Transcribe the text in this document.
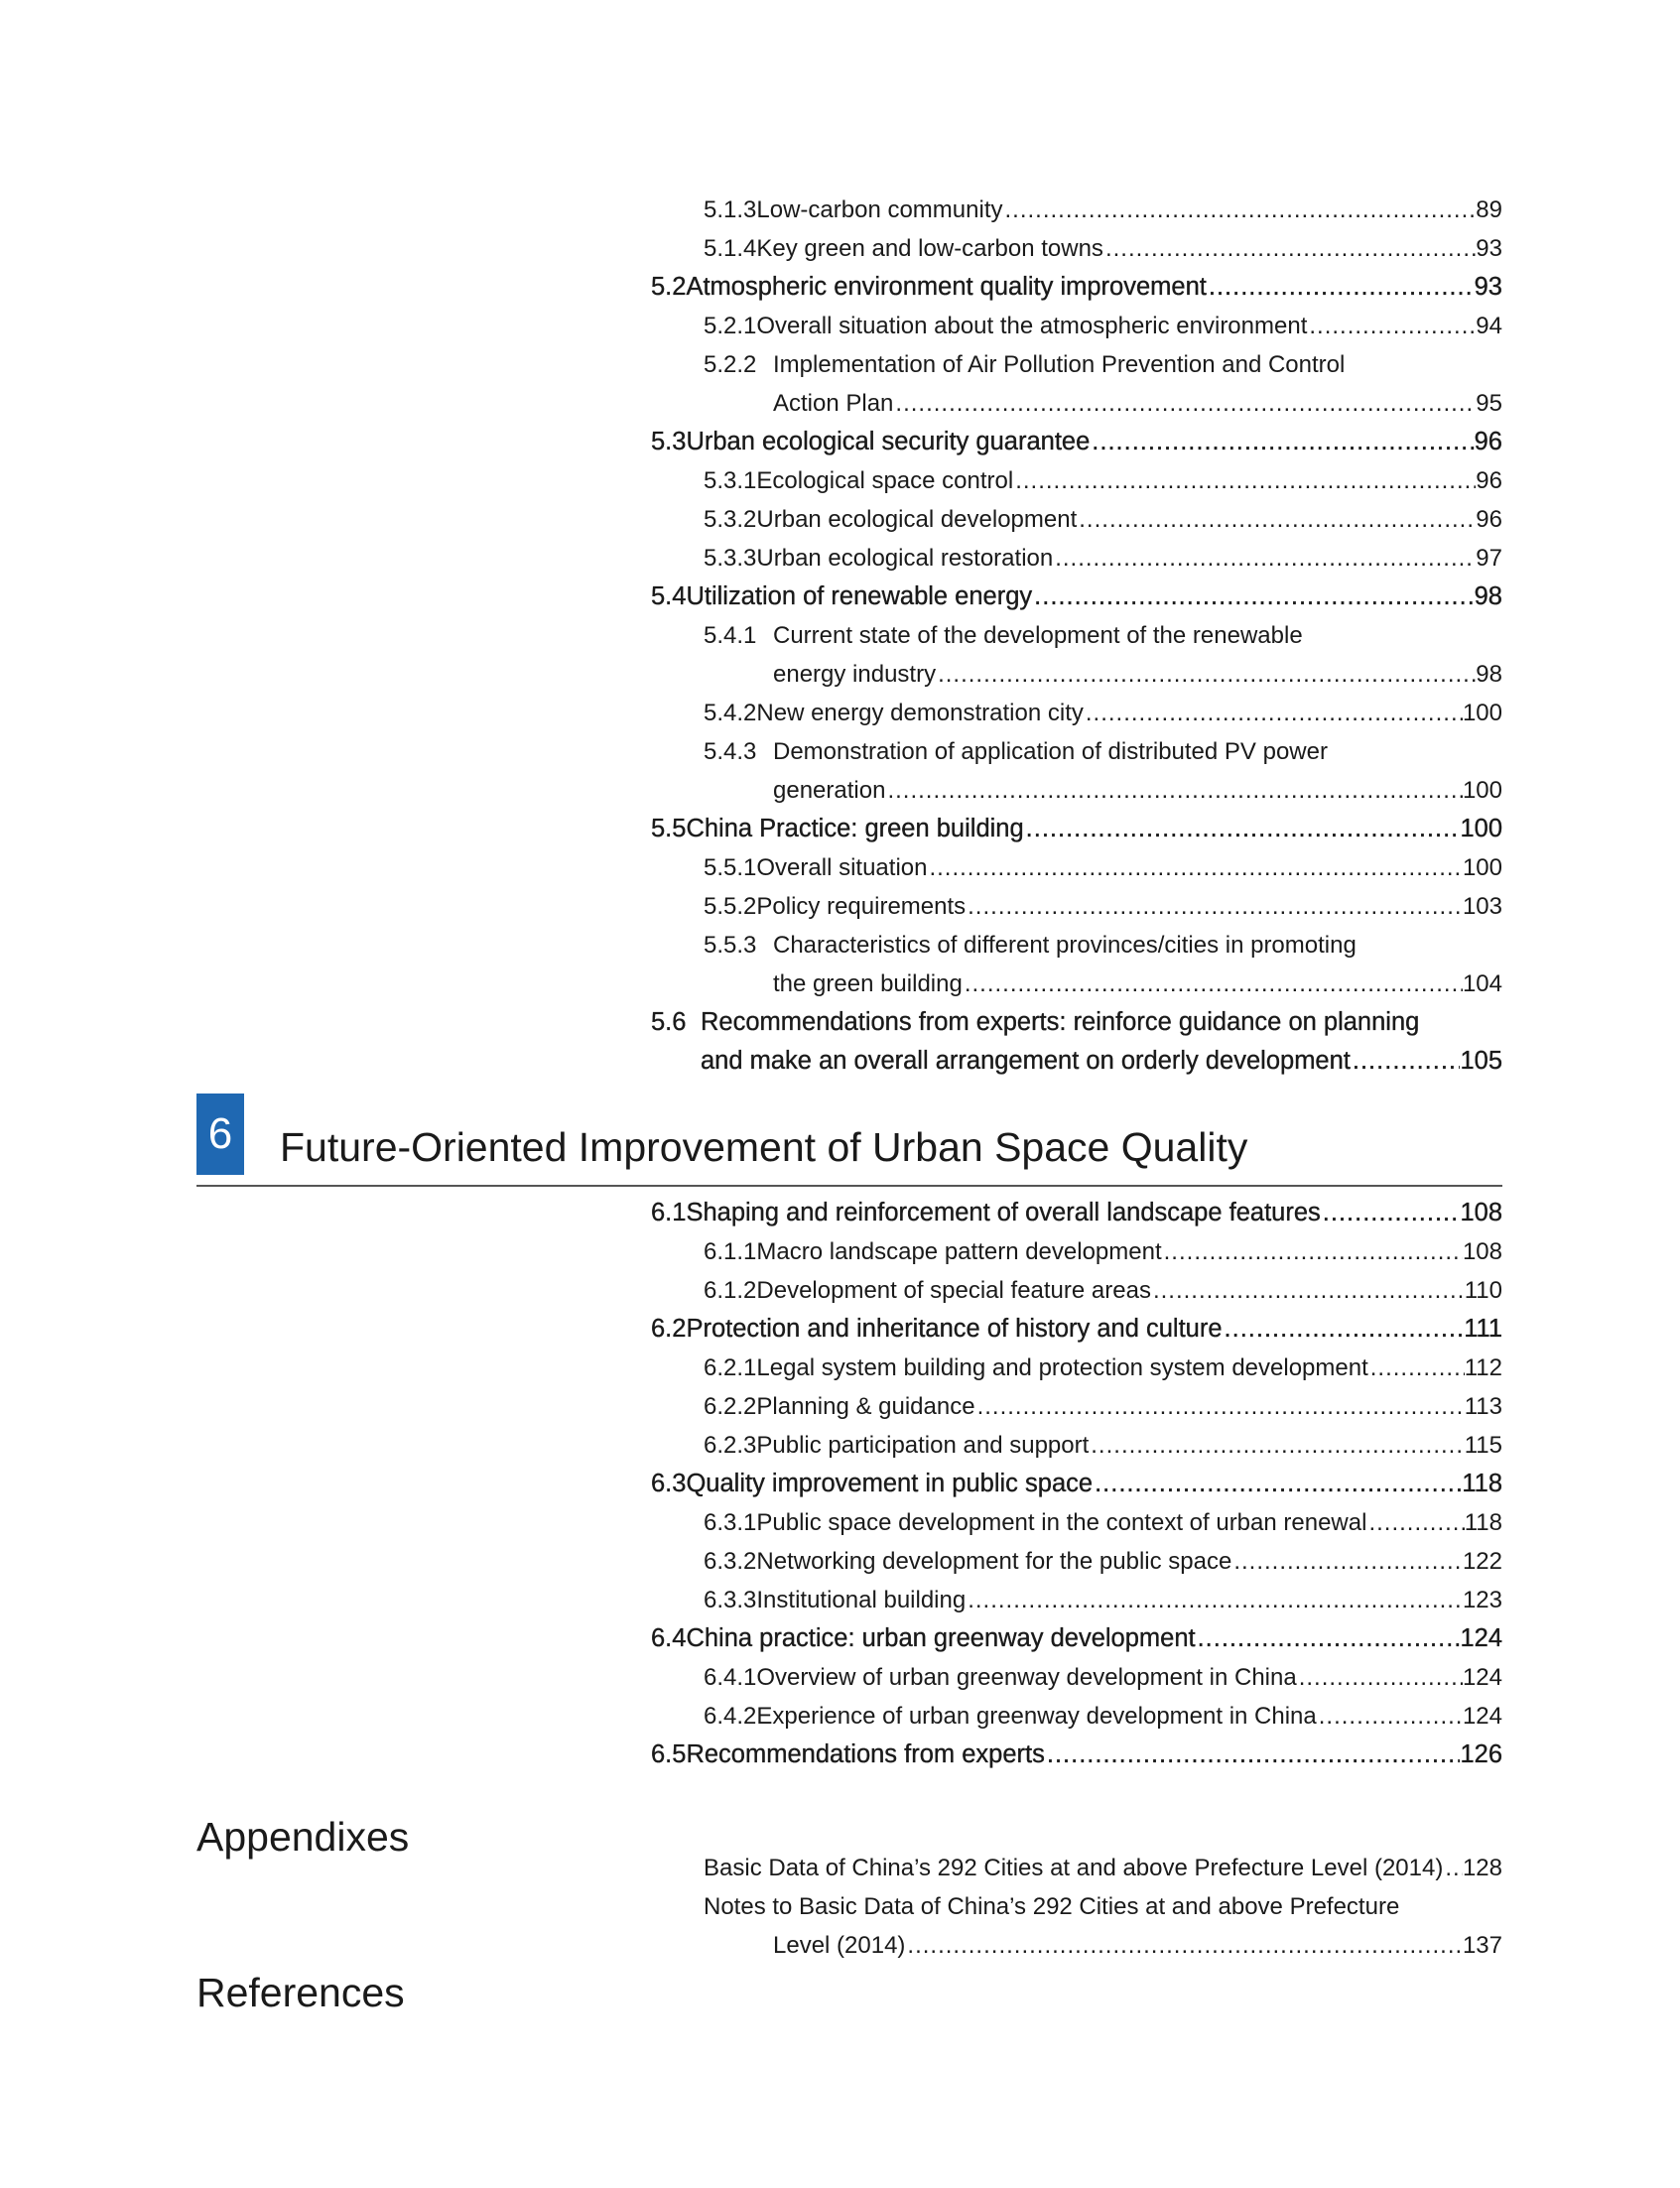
5.1.3 Low-carbon community .....	89
5.1.4 Key green and low-carbon towns .....	93
5.2 Atmospheric environment quality improvement .....	93
5.2.1 Overall situation about the atmospheric environment .....	94
5.2.2 Implementation of Air Pollution Prevention and Control
Action Plan .....	95
5.3 Urban ecological security guarantee .....	96
5.3.1 Ecological space control .....	96
5.3.2 Urban ecological development .....	96
5.3.3 Urban ecological restoration .....	97
5.4 Utilization of renewable energy .....	98
5.4.1 Current state of the development of the renewable
energy industry .....	98
5.4.2 New energy demonstration city .....	100
5.4.3 Demonstration of application of distributed PV power
generation .....	100
5.5 China Practice: green building .....	100
5.5.1 Overall situation .....	100
5.5.2 Policy requirements .....	103
5.5.3 Characteristics of different provinces/cities in promoting
the green building .....	104
5.6 Recommendations from experts: reinforce guidance on planning
and make an overall arrangement on orderly development .....	105
6 Future-Oriented Improvement of Urban Space Quality
6.1 Shaping and reinforcement of overall landscape features .....	108
6.1.1 Macro landscape pattern development .....	108
6.1.2 Development of special feature areas .....	110
6.2 Protection and inheritance of history and culture .....	111
6.2.1 Legal system building and protection system development .....	112
6.2.2 Planning & guidance .....	113
6.2.3 Public participation and support .....	115
6.3 Quality improvement in public space .....	118
6.3.1 Public space development in the context of urban renewal .....	118
6.3.2 Networking development for the public space .....	122
6.3.3 Institutional building .....	123
6.4 China practice: urban greenway development .....	124
6.4.1 Overview of urban greenway development in China .....	124
6.4.2 Experience of urban greenway development in China .....	124
6.5 Recommendations from experts .....	126
Appendixes
Basic Data of China’s 292 Cities at and above Prefecture Level (2014) ..... 128
Notes to Basic Data of China’s 292 Cities at and above Prefecture
Level (2014) .....	137
References
